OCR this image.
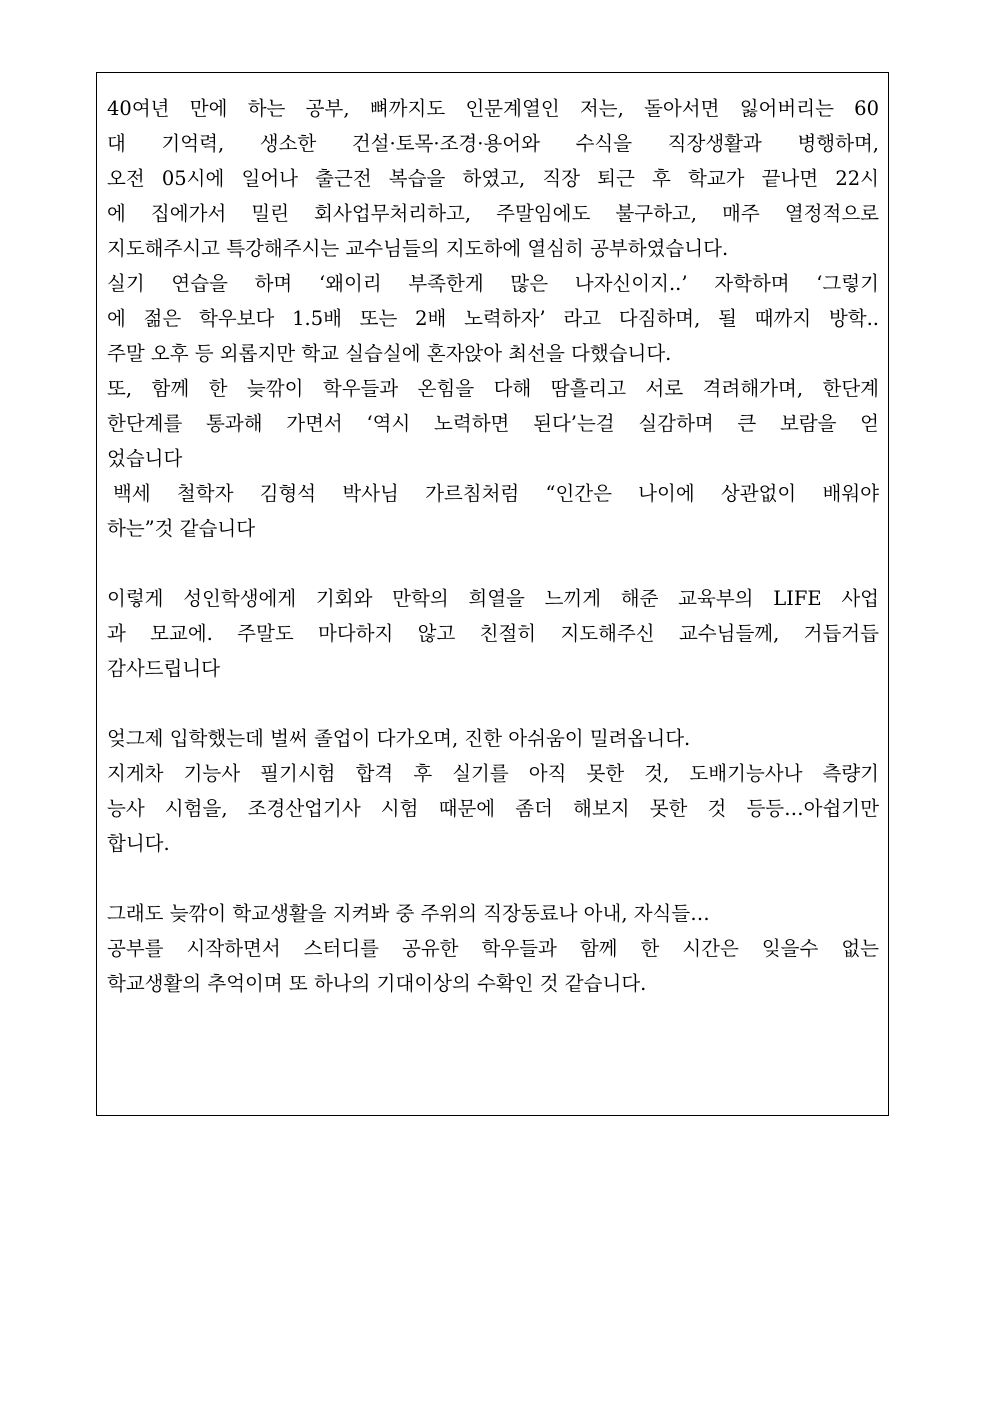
40여년 만에 하는 공부, 뼈까지도 인문계열인 저는, 돌아서면 잃어버리는 60
대 기억력, 생소한 건설·토목·조경·용어와 수식을 직장생활과 병행하며,
오전 05시에 일어나 출근전 복습을 하였고, 직장 퇴근 후 학교가 끝나면 22시
에 집에가서 밀린 회사업무처리하고, 주말임에도 불구하고, 매주 열정적으로
지도해주시고 특강해주시는 교수님들의 지도하에 열심히 공부하였습니다.
실기 연습을 하며 ‘왜이리 부족한게 많은 나자신이지..’ 자학하며 ‘그렇기
에 젊은 학우보다 1.5배 또는 2배 노력하자’ 라고 다짐하며, 될 때까지 방학..
주말 오후 등 외롭지만 학교 실습실에 혼자앉아 최선을 다했습니다.
또, 함께 한 늦깎이 학우들과 온힘을 다해 땀흘리고 서로 격려해가며, 한단계
한단계를 통과해 가면서 ‘역시 노력하면 된다’는걸 실감하며 큰 보람을 얻
었습니다
백세 철학자 김형석 박사님 가르침처럼 “인간은 나이에 상관없이 배워야
하는”것 같습니다
이렇게 성인학생에게 기회와 만학의 희열을 느끼게 해준 교육부의 LIFE 사업
과 모교에. 주말도 마다하지 않고 친절히 지도해주신 교수님들께, 거듭거듭
감사드립니다
엊그제 입학했는데 벌써 졸업이 다가오며, 진한 아쉬움이 밀려옵니다.
지게차 기능사 필기시험 합격 후 실기를 아직 못한 것, 도배기능사나 측량기
능사 시험을, 조경산업기사 시험 때문에 좀더 해보지 못한 것 등등…아쉽기만
합니다.
그래도 늦깎이 학교생활을 지켜봐 중 주위의 직장동료나 아내, 자식들…
공부를 시작하면서 스터디를 공유한 학우들과 함께 한 시간은 잊을수 없는
학교생활의 추억이며 또 하나의 기대이상의 수확인 것 같습니다.
